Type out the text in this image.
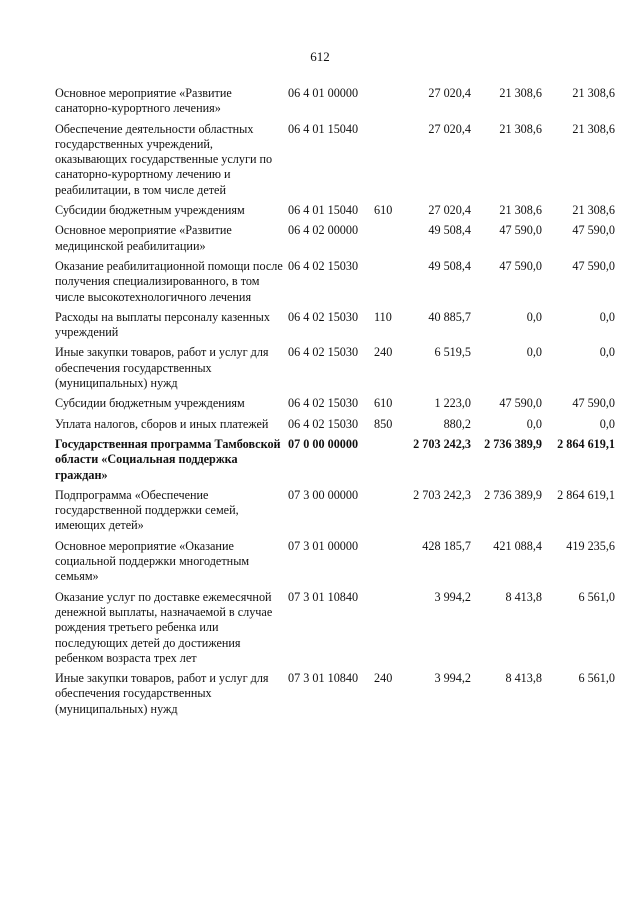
612
Основное мероприятие «Развитие санаторно-курортного лечения»	06 4 01 00000		27 020,4	21 308,6	21 308,6
Обеспечение деятельности областных государственных учреждений, оказывающих государственные услуги по санаторно-курортному лечению и реабилитации, в том числе детей	06 4 01 15040		27 020,4	21 308,6	21 308,6
Субсидии бюджетным учреждениям	06 4 01 15040	610	27 020,4	21 308,6	21 308,6
Основное мероприятие «Развитие медицинской реабилитации»	06 4 02 00000		49 508,4	47 590,0	47 590,0
Оказание реабилитационной помощи после получения специализированного, в том числе высокотехнологичного лечения	06 4 02 15030		49 508,4	47 590,0	47 590,0
Расходы на выплаты персоналу казенных учреждений	06 4 02 15030	110	40 885,7	0,0	0,0
Иные закупки товаров, работ и услуг для обеспечения государственных (муниципальных) нужд	06 4 02 15030	240	6 519,5	0,0	0,0
Субсидии бюджетным учреждениям	06 4 02 15030	610	1 223,0	47 590,0	47 590,0
Уплата налогов, сборов и иных платежей	06 4 02 15030	850	880,2	0,0	0,0
Государственная программа Тамбовской области «Социальная поддержка граждан»	07 0 00 00000		2 703 242,3	2 736 389,9	2 864 619,1
Подпрограмма «Обеспечение государственной поддержки семей, имеющих детей»	07 3 00 00000		2 703 242,3	2 736 389,9	2 864 619,1
Основное мероприятие «Оказание социальной поддержки многодетным семьям»	07 3 01 00000		428 185,7	421 088,4	419 235,6
Оказание услуг по доставке ежемесячной денежной выплаты, назначаемой в случае рождения третьего ребенка или последующих детей до достижения ребенком возраста трех лет	07 3 01 10840		3 994,2	8 413,8	6 561,0
Иные закупки товаров, работ и услуг для обеспечения государственных (муниципальных) нужд	07 3 01 10840	240	3 994,2	8 413,8	6 561,0
